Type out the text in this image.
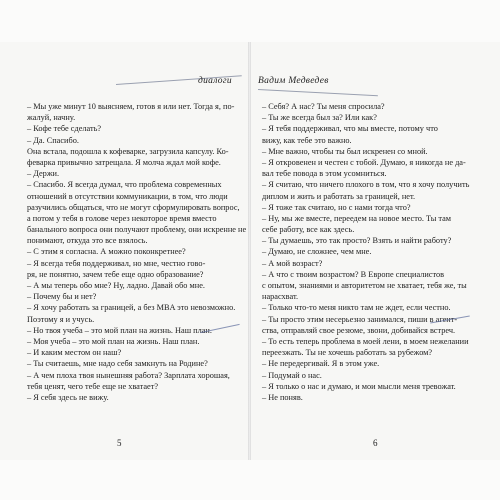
диалоги	Вадим Медведев
– Мы уже минут 10 выясняем, готов я или нет. Тогда я, по-
жалуй, начну.
– Кофе тебе сделать?
– Да. Спасибо.
Она встала, подошла к кофеварке, загрузила капсулу. Ко-
феварка привычно затрещала. Я молча ждал мой кофе.
– Держи.
– Спасибо. Я всегда думал, что проблема современных
отношений в отсутствии коммуникации, в том, что люди
разучились общаться, что не могут сформулировать вопрос,
а потом у тебя в голове через некоторое время вместо
банального вопроса они получают проблему, они искренне не
понимают, откуда это все взялось.
– С этим я согласна. А можно поконкретнее?
– Я всегда тебя поддерживал, но мне, честно гово-
ря, не понятно, зачем тебе еще одно образование?
– А мы теперь обо мне? Ну, ладно. Давай обо мне.
– Почему бы и нет?
– Я хочу работать за границей, а без MBA это невозможно.
Поэтому я и учусь.
– Но твоя учеба – это мой план на жизнь. Наш план.
– Моя учеба – это мой план на жизнь. Наш план.
– И каким местом он наш?
– Ты считаешь, мне надо себя замкнуть на Родине?
– А чем плоха твоя нынешняя работа? Зарплата хорошая,
тебя ценят, чего тебе еще не хватает?
– Я себя здесь не вижу.
– Себя? А нас? Ты меня спросила?
– Ты же всегда был за? Или как?
– Я тебя поддерживал, что мы вместе, потому что
вижу, как тебе это важно.
– Мне важно, чтобы ты был искренен со мной.
– Я откровенен и честен с тобой. Думаю, я никогда не да-
вал тебе повода в этом усомниться.
– Я считаю, что ничего плохого в том, что я хочу получить
диплом и жить и работать за границей, нет.
– Я тоже так считаю, но с нами тогда что?
– Ну, мы же вместе, переедем на новое место. Ты там
себе работу, все как здесь.
– Ты думаешь, это так просто? Взять и найти работу?
– Думаю, не сложнее, чем мне.
– А мой возраст?
– А что с твоим возрастом? В Европе специалистов
с опытом, знаниями и авторитетом не хватает, тебя же, ты
нарасхват.
– Только что-то меня никто там не ждет, если честно.
– Ты просто этим несерьезно занимался, пиши в агент-
ства, отправляй свое резюме, звони, добивайся встреч.
– То есть теперь проблема в моей лени, в моем нежелании
переезжать. Ты не хочешь работать за рубежом?
– Не передергивай. Я в этом уже.
– Подумай о нас.
– Я только о нас и думаю, и мои мысли меня тревожат.
– Не поняв.
5	6
